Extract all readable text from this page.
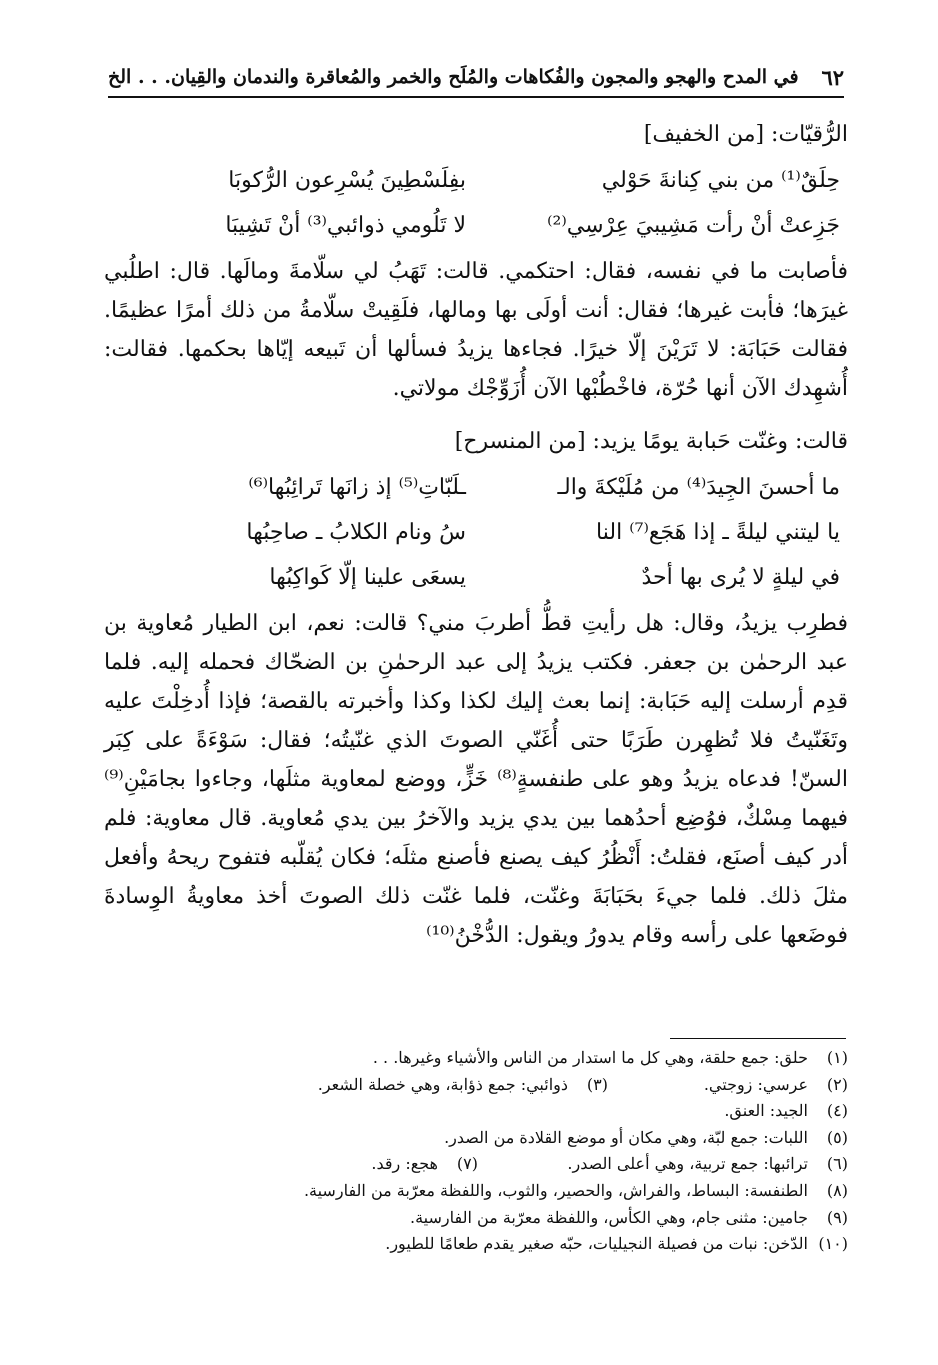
٦٢
في المدح والهجو والمجون والفُكاهات والمُلَح والخمر والمُعاقرة والندمان والقِيان. . . الخ
الرُّقيّات: [من الخفيف]
حِلَقٌ⁽¹⁾ من بني كِنانةَ حَوْلي
بفِلَسْطِينَ يُسْرِعون الرُّكوبَا
جَزِعتْ أنْ رأت مَشِيبيَ عِرْسِي⁽²⁾
لا تَلُومي ذوائبي⁽³⁾ أنْ تَشِيبَا

فأصابت ما في نفسه، فقال: احتكمي. قالت: تَهَبُ لي سلّامةَ ومالَها. قال: اطلُبي غيرَها؛ فأبت غيرها؛ فقال: أنت أولَى بها ومالها، فلَقِيتْ سلّامةُ من ذلك أمرًا عظيمًا. فقالت حَبَابَة: لا تَرَيْنَ إلّا خيرًا. فجاءها يزيدُ فسألها أن تَبيعه إيّاها بحكمها. فقالت: أُشهِدك الآن أنها حُرّة، فاخْطُبْها الآن أُزَوِّجْك مولاتي.

قالت: وغنّت حَبابة يومًا يزيد: [من المنسرح]
ما أحسنَ الجِيدَ⁽⁴⁾ من مُلَيْكةَ والـ
ـلَبّاتِ⁽⁵⁾ إذ زانَها تَرائِبُها⁽⁶⁾
يا ليتني ليلةً ـ إذا هَجَع⁽⁷⁾ النا
سُ ونام الكلابُ ـ صاحِبُها
في ليلةٍ لا يُرى بها أحدٌ
يسعَى علينا إلّا كَواكِبُها

فطرِب يزيدُ، وقال: هل رأيتِ قطُّ أطربَ مني؟ قالت: نعم، ابن الطيار مُعاوية بن عبد الرحمٰن بن جعفر. فكتب يزيدُ إلى عبد الرحمٰنِ بن الضحّاك فحمله إليه. فلما قدِم أرسلت إليه حَبَابة: إنما بعث إليك لكذا وكذا وأخبرته بالقصة؛ فإذا أُدخِلْتَ عليه وتَغَنّيتُ فلا تُظهِرن طَرَبًا حتى أُغَنّي الصوتَ الذي غنّيتُه؛ فقال: سَوْءَةً على كِبَر السنّ! فدعاه يزيدُ وهو على طنفسةٍ⁽⁸⁾ خَزٍّ، ووضع لمعاوية مثلَها، وجاءوا بجامَيْنِ⁽⁹⁾ فيهما مِسْكٌ، فوُضِع أحدُهما بين يدي يزيد والآخرُ بين يدي مُعاوية. قال معاوية: فلم أدر كيف أصنَع، فقلتُ: أَنْظُرُ كيف يصنع فأصنع مثلَه؛ فكان يُقلّبه فتفوح ريحهُ وأفعل مثلَ ذلك. فلما جيءَ بحَبَابَةَ وغنّت، فلما غنّت ذلك الصوتَ أخذ معاويةُ الوِسادةَ فوضَعها على رأسه وقام يدورُ ويقول: الدُّخْنُ⁽¹⁰⁾

(١)
حلق: جمع حلقة، وهي كل ما استدار من الناس والأشياء وغيرها. . .
(٢)
عرسي: زوجتي.
(٣)
ذوائبي: جمع ذؤابة، وهي خصلة الشعر.
(٤)
الجيد: العنق.
(٥)
اللبات: جمع لبّة، وهي مكان أو موضع القلادة من الصدر.
(٦)
ترائبها: جمع تربية، وهي أعلى الصدر.
(٧)
هجع: رقد.
(٨)
الطنفسة: البساط، والفراش، والحصير، والثوب، واللفظة معرّبة من الفارسية.
(٩)
جامين: مثنى جام، وهي الكأس، واللفظة معرّبة من الفارسية.
(١٠)
الدّخن: نبات من فصيلة النجيليات، حبّه صغير يقدم طعامًا للطيور.
